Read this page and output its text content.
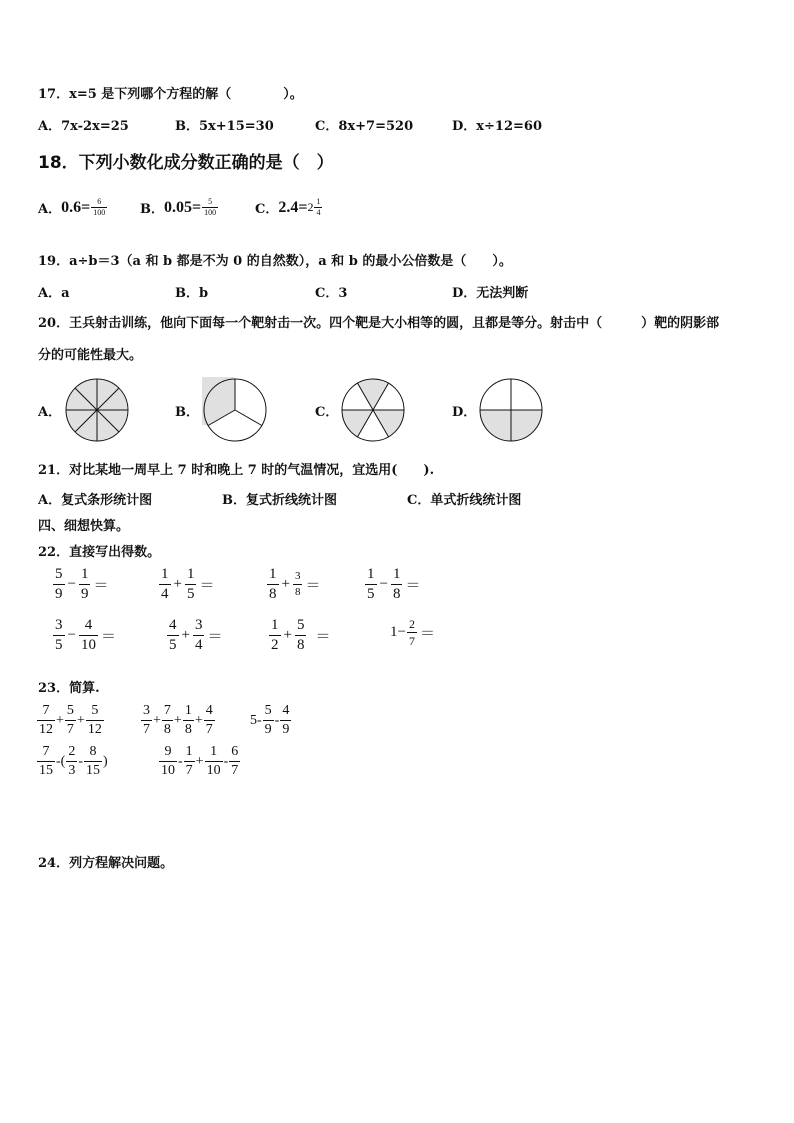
17．x=5 是下列哪个方程的解（　　　　）。
A．7x-2x=25	B．5x+15=30	C．8x+7=520	D．x÷12=60
18．下列小数化成分数正确的是（　）
A． $0.6= \frac{6}{100}$	B． $0.05= \frac{5}{100}$	C． $2.4= 2 \frac{1}{4}$
19．a÷b＝3（a 和 b 都是不为 0 的自然数），a 和 b 的最小公倍数是（　　）。
A．a	B．b	C．3	D．无法判断
20．王兵射击训练，他向下面每一个靶射击一次。四个靶是大小相等的圆，且都是等分。射击中（　　　）靶的阴影部
分的可能性最大。
A．	B．	C．	D．
21．对比某地一周早上 7 时和晚上 7 时的气温情况，宜选用(　　).
A．复式条形统计图	B．复式折线统计图	C．单式折线统计图
四、细想快算。
22．直接写出得数。
$\frac{5}{9} - \frac{1}{9}$ ＝	$\frac{1}{4} + \frac{1}{5}$ ＝	$\frac{1}{8} + \frac{3}{8}$ ＝	$\frac{1}{5} - \frac{1}{8}$ ＝
$\frac{3}{5} - \frac{4}{10}$ ＝	$\frac{4}{5} + \frac{3}{4}$ ＝	$\frac{1}{2} + \frac{5}{8}$ ＝	$1- \frac{2}{7}$ ＝
23．简算.
$\frac{7}{12} + \frac{5}{7} + \frac{5}{12}$	$\frac{3}{7} + \frac{7}{8} + \frac{1}{8} + \frac{4}{7}$	$5- \frac{5}{9} - \frac{4}{9}$
$\frac{7}{15}$ -( $\frac{2}{3} - \frac{8}{15}$ )	$\frac{9}{10} - \frac{1}{7} + \frac{1}{10} - \frac{6}{7}$
24．列方程解决问题。
